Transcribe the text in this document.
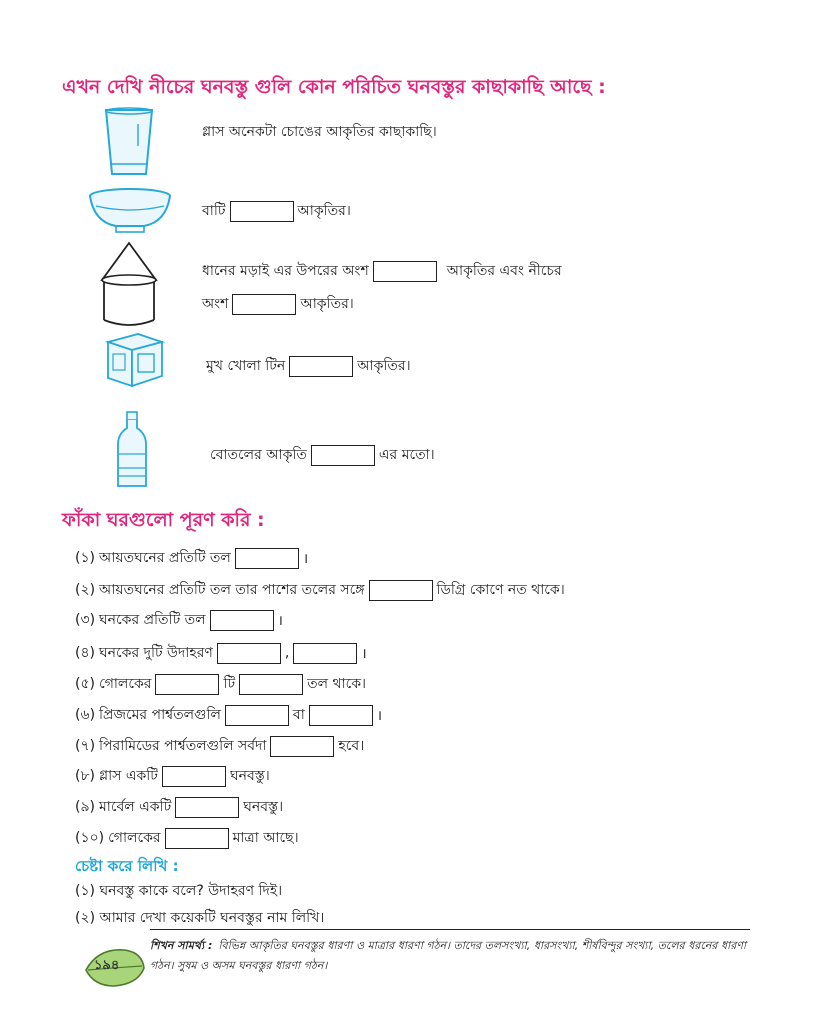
এখন দেখি নীচের ঘনবস্তু গুলি কোন পরিচিত ঘনবস্তুর কাছাকাছি আছে :
গ্লাস অনেকটা চোঙের আকৃতির কাছাকাছি।
বাটি	আকৃতির।
ধানের মড়াই এর উপরের অংশ	আকৃতির এবং নীচের
অংশ	আকৃতির।
মুখ খোলা টিন	আকৃতির।
বোতলের আকৃতি	এর মতো।
ফাঁকা ঘরগুলো পূরণ করি :
(১) আয়তঘনের প্রতিটি তল	।
(২) আয়তঘনের প্রতিটি তল তার পাশের তলের সঙ্গে	ডিগ্রি কোণে নত থাকে।
(৩) ঘনকের প্রতিটি তল	।
(৪) ঘনকের দুটি উদাহরণ	,	।
(৫) গোলকের	টি	তল থাকে।
(৬) প্রিজমের পার্শ্বতলগুলি	বা	।
(৭) পিরামিডের পার্শ্বতলগুলি সর্বদা	হবে।
(৮) গ্লাস একটি	ঘনবস্তু।
(৯) মার্বেল একটি	ঘনবস্তু।
(১০) গোলকের	মাত্রা আছে।
চেষ্টা করে লিখি :
(১) ঘনবস্তু কাকে বলে? উদাহরণ দিই।
(২) আমার দেখা কয়েকটি ঘনবস্তুর নাম লিখি।
শিখন সামর্থ্য : বিভিন্ন আকৃতির ঘনবস্তুর ধারণা ও মাত্রার ধারণা গঠন। তাদের তলসংখ্যা, ধারসংখ্যা, শীর্ষবিন্দুর সংখ্যা, তলের ধরনের ধারণা গঠন। সুষম ও অসম ঘনবস্তুর ধারণা গঠন।
১৯৪
